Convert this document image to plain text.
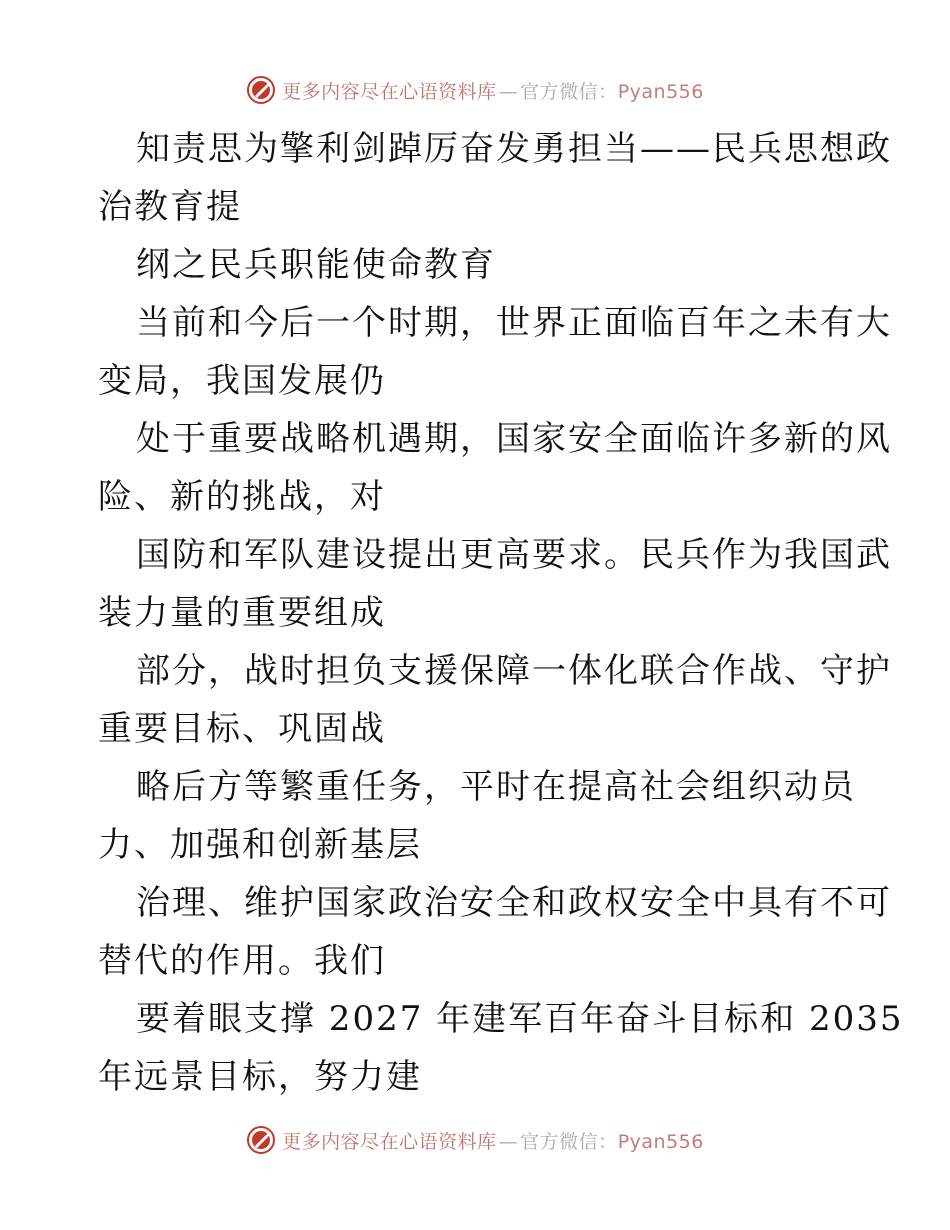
更多内容尽在心语资料库 — 官方微信：Pyan556

知责思为擎利剑踔厉奋发勇担当——民兵思想政
治教育提

纲之民兵职能使命教育

当前和今后一个时期，世界正面临百年之未有大
变局，我国发展仍

处于重要战略机遇期，国家安全面临许多新的风
险、新的挑战，对

国防和军队建设提出更高要求。民兵作为我国武
装力量的重要组成

部分，战时担负支援保障一体化联合作战、守护
重要目标、巩固战

略后方等繁重任务，平时在提高社会组织动员
力、加强和创新基层

治理、维护国家政治安全和政权安全中具有不可
替代的作用。我们

要着眼支撑 2027 年建军百年奋斗目标和 2035
年远景目标，努力建

更多内容尽在心语资料库 — 官方微信：Pyan556
